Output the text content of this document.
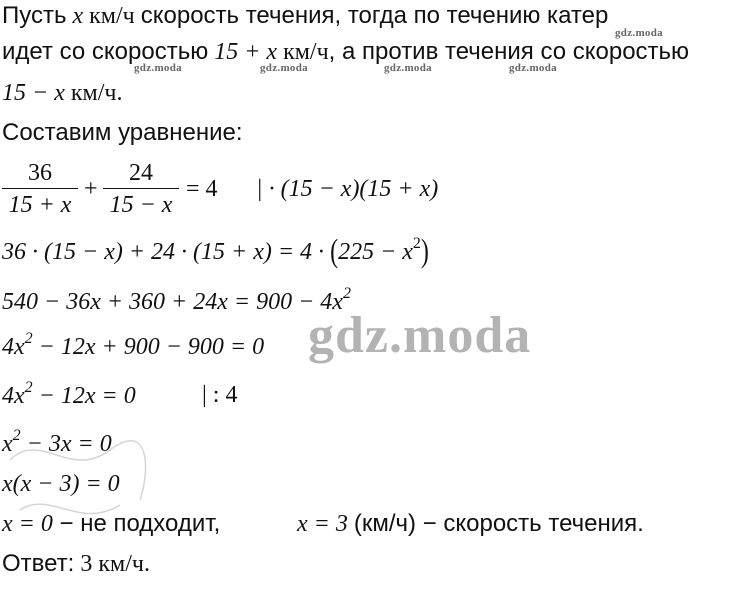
gdz.moda
gdz.moda	gdz.moda	gdz.moda	gdz.moda
Пусть x км/ч скорость течения, тогда по течению катер
идет со скоростью 15 + x км/ч, а против течения со скоростью
15 − x км/ч.
Составим уравнение:
36
15 + x
+
24
15 − x
= 4 | · (15 − x)(15 + x)
$36 \cdot (15 - x) + 24 \cdot (15 + x) = 4 \cdot (225 - x^2)$
$540 - 36x + 360 + 24x = 900 - 4x^2$
$4x^2 - 12x + 900 - 900 = 0$
$4x^2 - 12x = 0$	| : 4
$x^2 - 3x = 0$
x(x − 3) = 0
x = 0 − не подходит,	x = 3 (км/ч) − скорость течения.
Ответ: 3 км/ч.
gdz.moda
